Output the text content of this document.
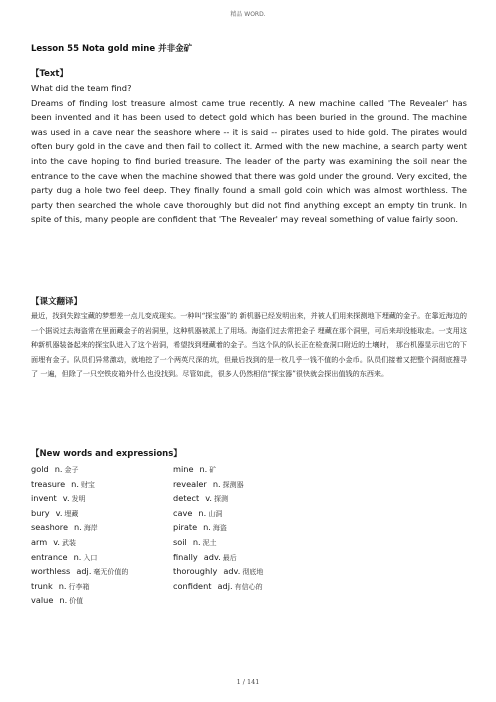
精品 WORD.
Lesson 55 Nota gold mine 并非金矿
【Text】

What did the team find?

Dreams of finding lost treasure almost came true recently. A new machine called 'The Revealer' has been invented and it has been used to detect gold which has been buried in the ground. The machine was used in a cave near the seashore where -- it is said -- pirates used to hide gold. The pirates would often bury gold in the cave and then fail to collect it. Armed with the new machine, a search party went into the cave hoping to find buried treasure. The leader of the party was examining the soil near the entrance to the cave when the machine showed that there was gold under the ground. Very excited, the party dug a hole two feel deep. They finally found a small gold coin which was almost worthless. The party then searched the whole cave thoroughly but did not find anything except an empty tin trunk. In spite of this, many people are confident that 'The Revealer' may reveal something of value fairly soon.

【课文翻译】

最近，找到失踪宝藏的梦想差一点儿变成现实。一种叫“探宝器”的 新机器已经发明出来，并被人们用来探测地下埋藏的金子。在靠近海边的一个据说过去海盗常在里面藏金子的岩洞里，这种机器被派上了用场。海盗们过去常把金子 埋藏在那个洞里，可后来却没能取走。一支用这种新机器装备起来的探宝队进入了这个岩洞，希望找到埋藏着的金子。当这个队的队长正在检查洞口附近的土壤时， 那台机器显示出它的下面埋有金子。队员们异常激动，就地挖了一个两英尺深的坑，但最后找到的是一枚几乎一钱不值的小金币。队员们接着又把整个洞彻底搜寻了 一遍，但除了一只空铁皮箱外什么也没找到。尽管如此，很多人仍然相信“探宝器”很快就会探出值钱的东西来。

【New words and expressions】
gold n. 金子	mine n. 矿
treasure n. 财宝	revealer n. 探测器
invent v. 发明	detect v. 探测
bury v. 埋藏	cave n. 山洞
seashore n. 海岸	pirate n. 海盗
arm v. 武装	soil n. 泥土
entrance n. 入口	finally adv. 最后
worthless adj. 毫无价值的	thoroughly adv. 彻底地
trunk n. 行李箱	confident adj. 有信心的
value n. 价值
1 / 141
